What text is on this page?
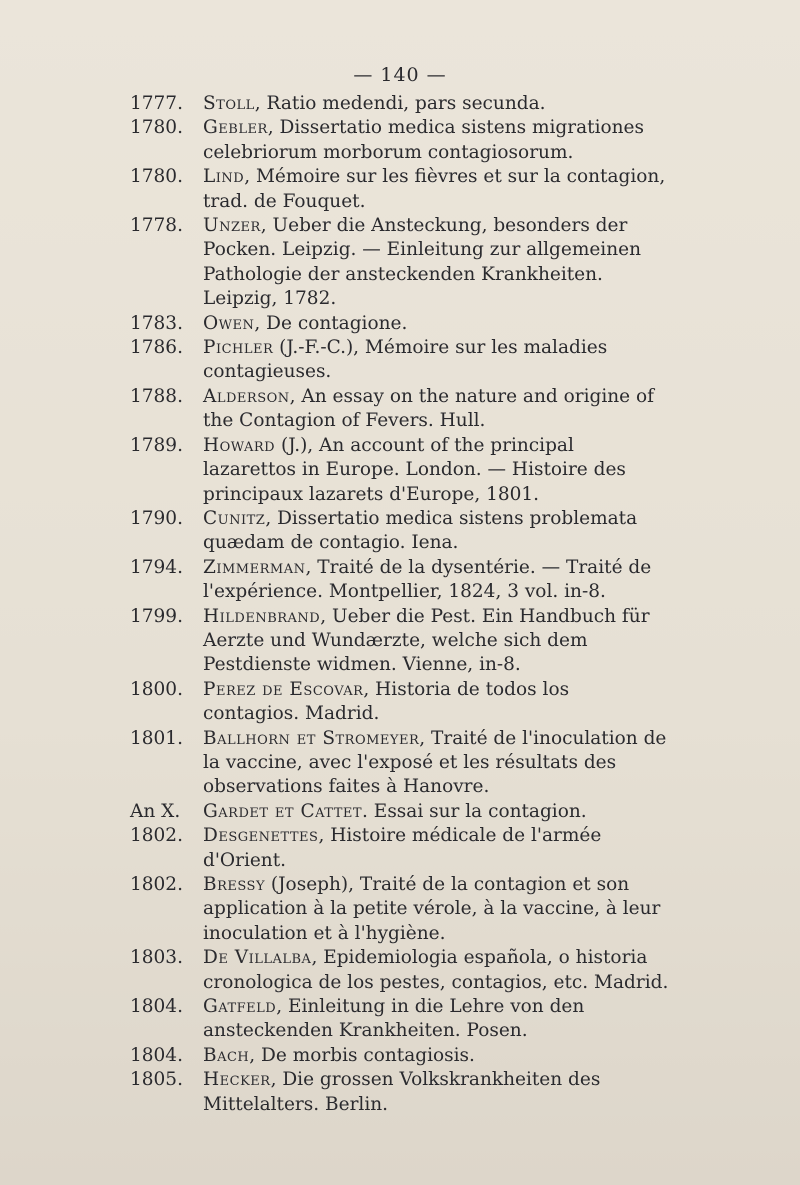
— 140 —
1777. Stoll, Ratio medendi, pars secunda.
1780. Gebler, Dissertatio medica sistens migrationes celebriorum morborum contagiosorum.
1780. Lind, Mémoire sur les fièvres et sur la contagion, trad. de Fouquet.
1778. Unzer, Ueber die Ansteckung, besonders der Pocken. Leipzig. — Einleitung zur allgemeinen Pathologie der ansteckenden Krankheiten. Leipzig, 1782.
1783. Owen, De contagione.
1786. Pichler (J.-F.-C.), Mémoire sur les maladies contagieuses.
1788. Alderson, An essay on the nature and origine of the Contagion of Fevers. Hull.
1789. Howard (J.), An account of the principal lazarettos in Europe. London. — Histoire des principaux lazarets d'Europe, 1801.
1790. Cunitz, Dissertatio medica sistens problemata quædam de contagio. Iena.
1794. Zimmerman, Traité de la dysentérie. — Traité de l'expérience. Montpellier, 1824, 3 vol. in-8.
1799. Hildenbrand, Ueber die Pest. Ein Handbuch für Aerzte und Wundærzte, welche sich dem Pestdienste widmen. Vienne, in-8.
1800. Perez de Escovar, Historia de todos los contagios. Madrid.
1801. Ballhorn et Stromeyer, Traité de l'inoculation de la vaccine, avec l'exposé et les résultats des observations faites à Hanovre.
An X.	Gardet et Cattet. Essai sur la contagion.
1802. Desgenettes, Histoire médicale de l'armée d'Orient.
1802. Bressy (Joseph), Traité de la contagion et son application à la petite vérole, à la vaccine, à leur inoculation et à l'hygiène.
1803. De Villalba, Epidemiologia española, o historia cronologica de los pestes, contagios, etc. Madrid.
1804. Gatfeld, Einleitung in die Lehre von den ansteckenden Krankheiten. Posen.
1804. Bach, De morbis contagiosis.
1805. Hecker, Die grossen Volkskrankheiten des Mittelalters. Berlin.
